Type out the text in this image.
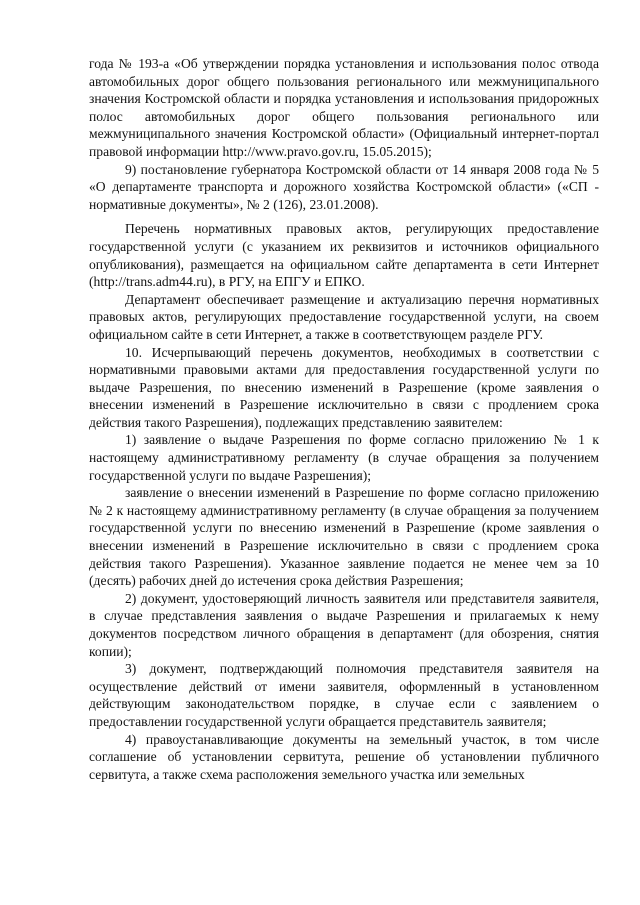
года № 193-а «Об утверждении порядка установления и использования полос отвода автомобильных дорог общего пользования регионального или межмуниципального значения Костромской области и порядка установления и использования придорожных полос автомобильных дорог общего пользования регионального или межмуниципального значения Костромской области» (Официальный интернет-портал правовой информации http://www.pravo.gov.ru, 15.05.2015);

9) постановление губернатора Костромской области от 14 января 2008 года № 5 «О департаменте транспорта и дорожного хозяйства Костромской области» («СП - нормативные документы», № 2 (126), 23.01.2008).

Перечень нормативных правовых актов, регулирующих предоставление государственной услуги (с указанием их реквизитов и источников официального опубликования), размещается на официальном сайте департамента в сети Интернет (http://trans.adm44.ru), в РГУ, на ЕПГУ и ЕПКО.

Департамент обеспечивает размещение и актуализацию перечня нормативных правовых актов, регулирующих предоставление государственной услуги, на своем официальном сайте в сети Интернет, а также в соответствующем разделе РГУ.

10. Исчерпывающий перечень документов, необходимых в соответствии с нормативными правовыми актами для предоставления государственной услуги по выдаче Разрешения, по внесению изменений в Разрешение (кроме заявления о внесении изменений в Разрешение исключительно в связи с продлением срока действия такого Разрешения), подлежащих представлению заявителем:

1) заявление о выдаче Разрешения по форме согласно приложению № 1 к настоящему административному регламенту (в случае обращения за получением государственной услуги по выдаче Разрешения);

заявление о внесении изменений в Разрешение по форме согласно приложению № 2 к настоящему административному регламенту (в случае обращения за получением государственной услуги по внесению изменений в Разрешение (кроме заявления о внесении изменений в Разрешение исключительно в связи с продлением срока действия такого Разрешения). Указанное заявление подается не менее чем за 10 (десять) рабочих дней до истечения срока действия Разрешения;

2) документ, удостоверяющий личность заявителя или представителя заявителя, в случае представления заявления о выдаче Разрешения и прилагаемых к нему документов посредством личного обращения в департамент (для обозрения, снятия копии);

3) документ, подтверждающий полномочия представителя заявителя на осуществление действий от имени заявителя, оформленный в установленном действующим законодательством порядке, в случае если с заявлением о предоставлении государственной услуги обращается представитель заявителя;

4) правоустанавливающие документы на земельный участок, в том числе соглашение об установлении сервитута, решение об установлении публичного сервитута, а также схема расположения земельного участка или земельных
